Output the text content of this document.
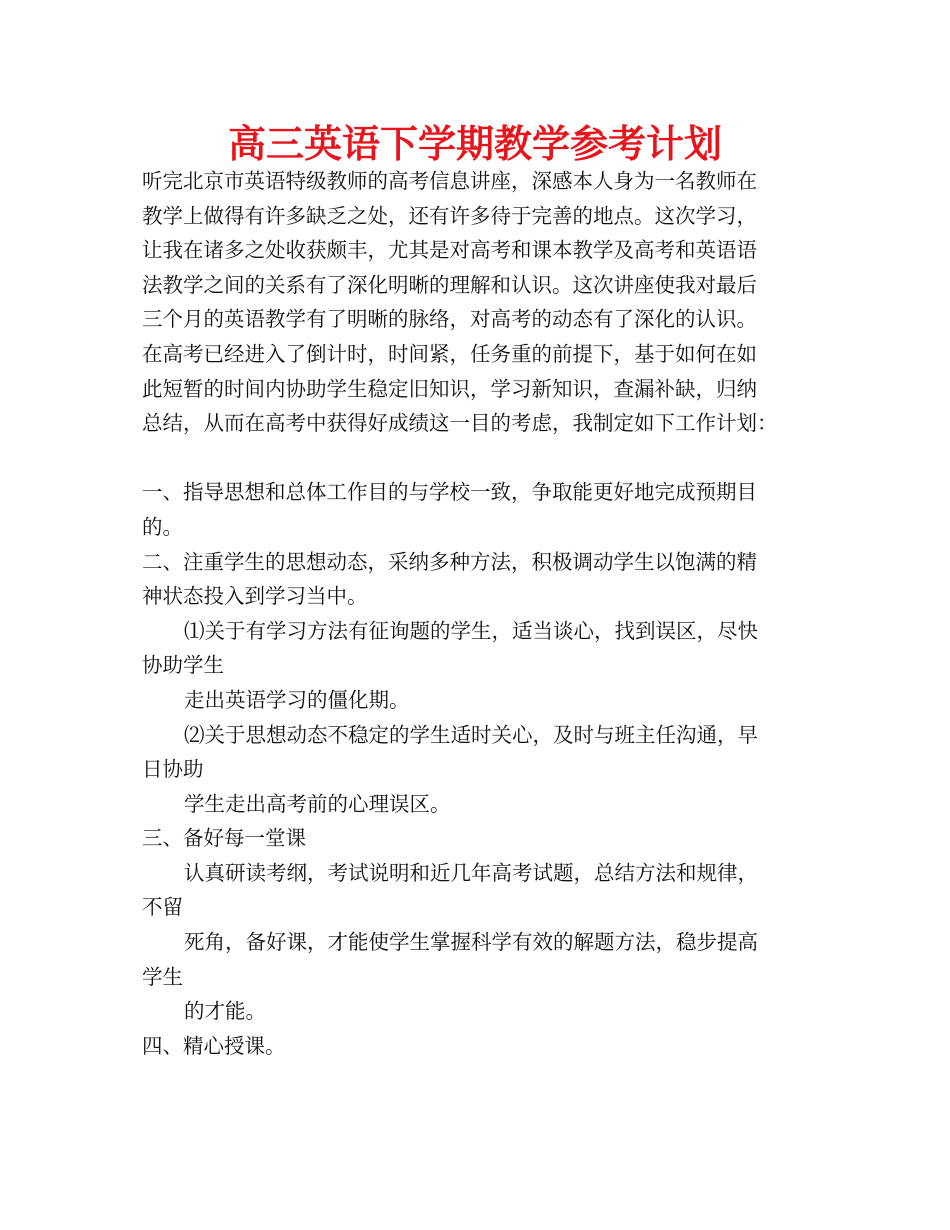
高三英语下学期教学参考计划
听完北京市英语特级教师的高考信息讲座，深感本人身为一名教师在
教学上做得有许多缺乏之处，还有许多待于完善的地点。这次学习，
让我在诸多之处收获颇丰，尤其是对高考和课本教学及高考和英语语
法教学之间的关系有了深化明晰的理解和认识。这次讲座使我对最后
三个月的英语教学有了明晰的脉络，对高考的动态有了深化的认识。
在高考已经进入了倒计时，时间紧，任务重的前提下，基于如何在如
此短暂的时间内协助学生稳定旧知识，学习新知识，查漏补缺，归纳
总结，从而在高考中获得好成绩这一目的考虑，我制定如下工作计划：
一、指导思想和总体工作目的与学校一致，争取能更好地完成预期目
的。
二、注重学生的思想动态，采纳多种方法，积极调动学生以饱满的精
神状态投入到学习当中。
⑴关于有学习方法有征询题的学生，适当谈心，找到误区，尽快
协助学生
走出英语学习的僵化期。
⑵关于思想动态不稳定的学生适时关心，及时与班主任沟通，早
日协助
学生走出高考前的心理误区。
三、备好每一堂课
认真研读考纲，考试说明和近几年高考试题，总结方法和规律，
不留
死角，备好课，才能使学生掌握科学有效的解题方法，稳步提高
学生
的才能。
四、精心授课。
